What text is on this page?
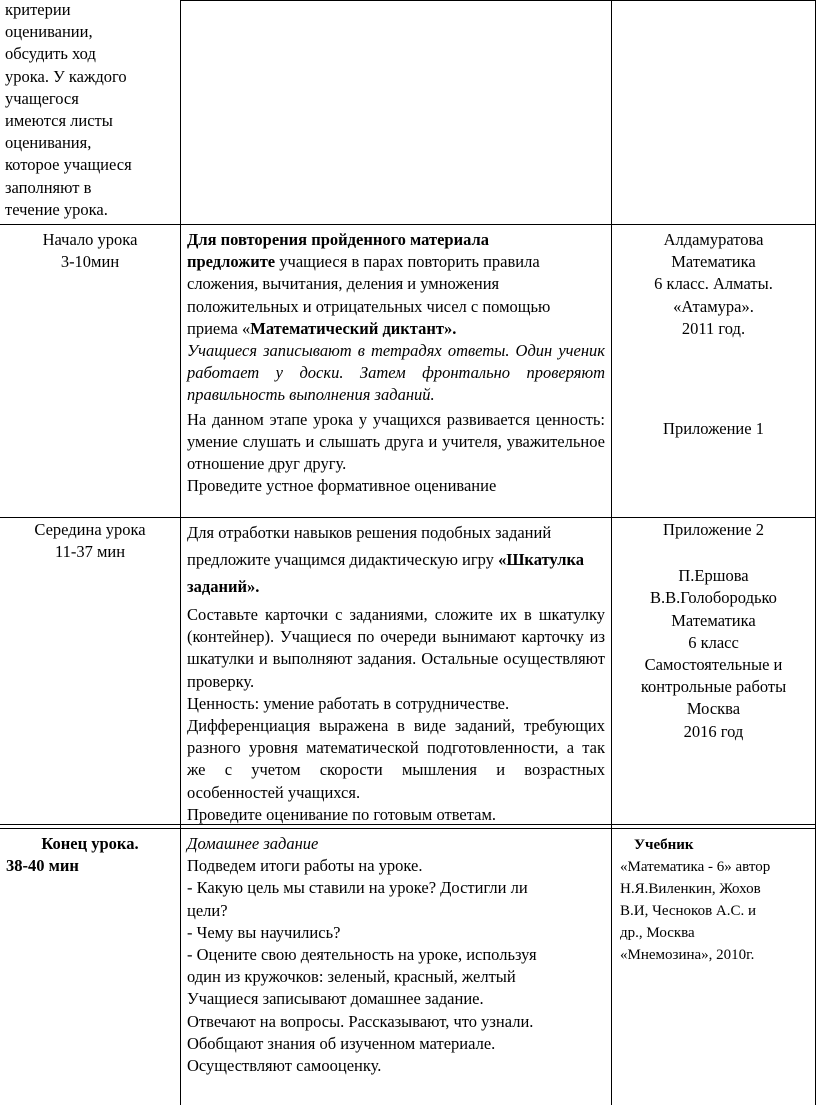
критерии
оценивании,
обсудить ход
урока. У каждого
учащегося
имеются листы
оценивания,
которое учащиеся
заполняют в
течение урока.
Начало урока
3-10мин
Для повторения пройденного материала
предложите учащиеся в парах повторить правила сложения, вычитания, деления и умножения положительных и отрицательных чисел с помощью приема «Математический диктант».
Учащиеся записывают в тетрадях ответы. Один ученик работает у доски. Затем фронтально проверяют правильность выполнения заданий.
На данном этапе урока у учащихся развивается ценность: умение слушать и слышать друга и учителя, уважительное отношение друг другу.
Проведите устное формативное оценивание
Алдамуратова
Математика
6 класс. Алматы.
«Атамура».
2011 год.
Приложение 1
Середина урока
11-37 мин
Для отработки навыков решения подобных заданий предложите учащимся дидактическую игру «Шкатулка заданий».
Составьте карточки с заданиями, сложите их в шкатулку (контейнер). Учащиеся по очереди вынимают карточку из шкатулки и выполняют задания. Остальные осуществляют проверку.
Ценность: умение работать в сотрудничестве.
Дифференциация выражена в виде заданий, требующих разного уровня математической подготовленности, а так же с учетом скорости мышления и возрастных особенностей учащихся.
Проведите оценивание по готовым ответам.
Приложение 2
П.Ершова
В.В.Голобородько
Математика
6 класс
Самостоятельные и
контрольные работы
Москва
2016 год
Конец урока.
38-40 мин
Домашнее задание
Подведем итоги работы на уроке.
- Какую цель мы ставили на уроке? Достигли ли
цели?
- Чему вы научились?
- Оцените свою деятельность на уроке, используя
один из кружочков: зеленый, красный, желтый
Учащиеся записывают домашнее задание.
Отвечают на вопросы. Рассказывают, что узнали.
Обобщают знания об изученном материале.
Осуществляют самооценку.
Учебник
«Математика - 6» автор
Н.Я.Виленкин, Жохов
В.И, Чесноков А.С. и
др., Москва
«Мнемозина», 2010г.
